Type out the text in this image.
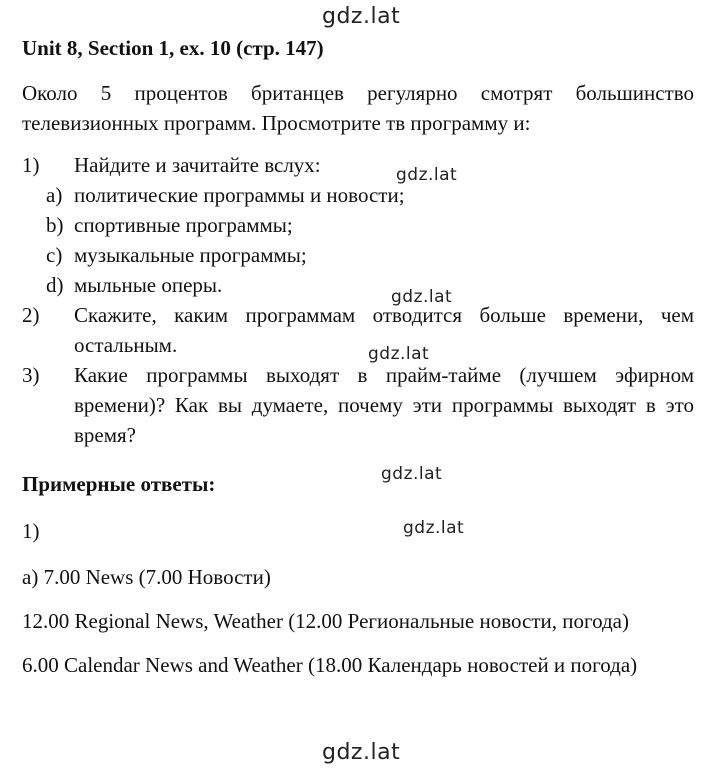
gdz.lat
Unit 8, Section 1, ex. 10 (стр. 147)
Около 5 процентов британцев регулярно смотрят большинство телевизионных программ. Просмотрите тв программу и:
1)	Найдите и зачитайте вслух:
a) политические программы и новости;
b) спортивные программы;
c) музыкальные программы;
d) мыльные оперы.
2)	Скажите, каким программам отводится больше времени, чем остальным.
3)	Какие программы выходят в прайм-тайме (лучшем эфирном времени)? Как вы думаете, почему эти программы выходят в это время?
Примерные ответы:
1)
a) 7.00 News (7.00 Новости)
12.00 Regional News, Weather (12.00 Региональные новости, погода)
6.00 Calendar News and Weather (18.00 Календарь новостей и погода)
gdz.lat
gdz.lat
gdz.lat
gdz.lat
gdz.lat
gdz.lat
